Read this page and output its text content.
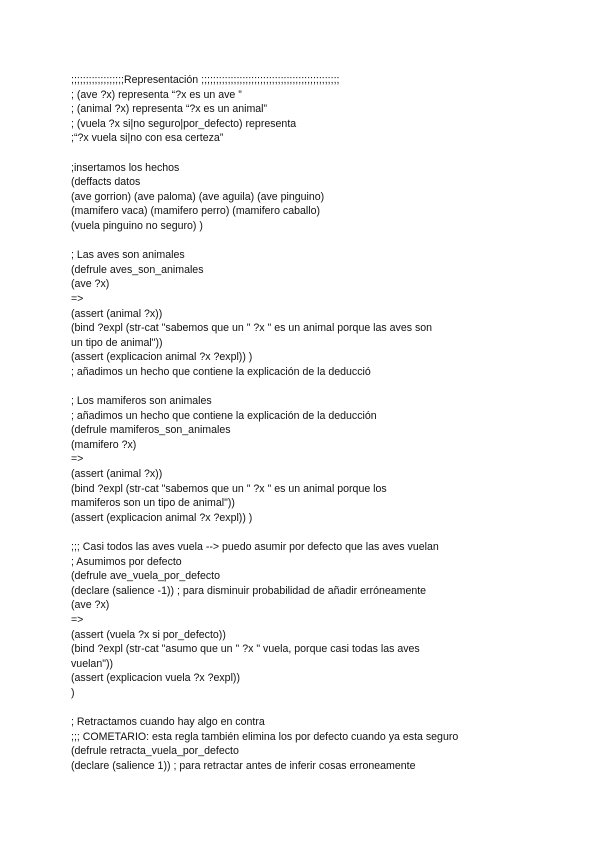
;;;;;;;;;;;;;;;;;;Representación ;;;;;;;;;;;;;;;;;;;;;;;;;;;;;;;;;;;;;;;;;;;;;;;
; (ave ?x) representa “?x es un ave ”
; (animal ?x) representa “?x es un animal”
; (vuela ?x si|no seguro|por_defecto) representa
;“?x vuela si|no con esa certeza”
;insertamos los hechos
(deffacts datos
(ave gorrion) (ave paloma) (ave aguila) (ave pinguino)
(mamifero vaca) (mamifero perro) (mamifero caballo)
(vuela pinguino no seguro) )
; Las aves son animales
(defrule aves_son_animales
(ave ?x)
=>
(assert (animal ?x))
(bind ?expl (str-cat "sabemos que un " ?x " es un animal porque las aves son
un tipo de animal"))
(assert (explicacion animal ?x ?expl)) )
; añadimos un hecho que contiene la explicación de la deducció
; Los mamiferos son animales
; añadimos un hecho que contiene la explicación de la deducción
(defrule mamiferos_son_animales
(mamifero ?x)
=>
(assert (animal ?x))
(bind ?expl (str-cat "sabemos que un " ?x " es un animal porque los
mamiferos son un tipo de animal"))
(assert (explicacion animal ?x ?expl)) )
;;; Casi todos las aves vuela --> puedo asumir por defecto que las aves vuelan
; Asumimos por defecto
(defrule ave_vuela_por_defecto
(declare (salience -1)) ; para disminuir probabilidad de añadir erróneamente
(ave ?x)
=>
(assert (vuela ?x si por_defecto))
(bind ?expl (str-cat "asumo que un " ?x " vuela, porque casi todas las aves
vuelan"))
(assert (explicacion vuela ?x ?expl))
)
; Retractamos cuando hay algo en contra
;;; COMETARIO: esta regla también elimina los por defecto cuando ya esta seguro
(defrule retracta_vuela_por_defecto
(declare (salience 1)) ; para retractar antes de inferir cosas erroneamente
